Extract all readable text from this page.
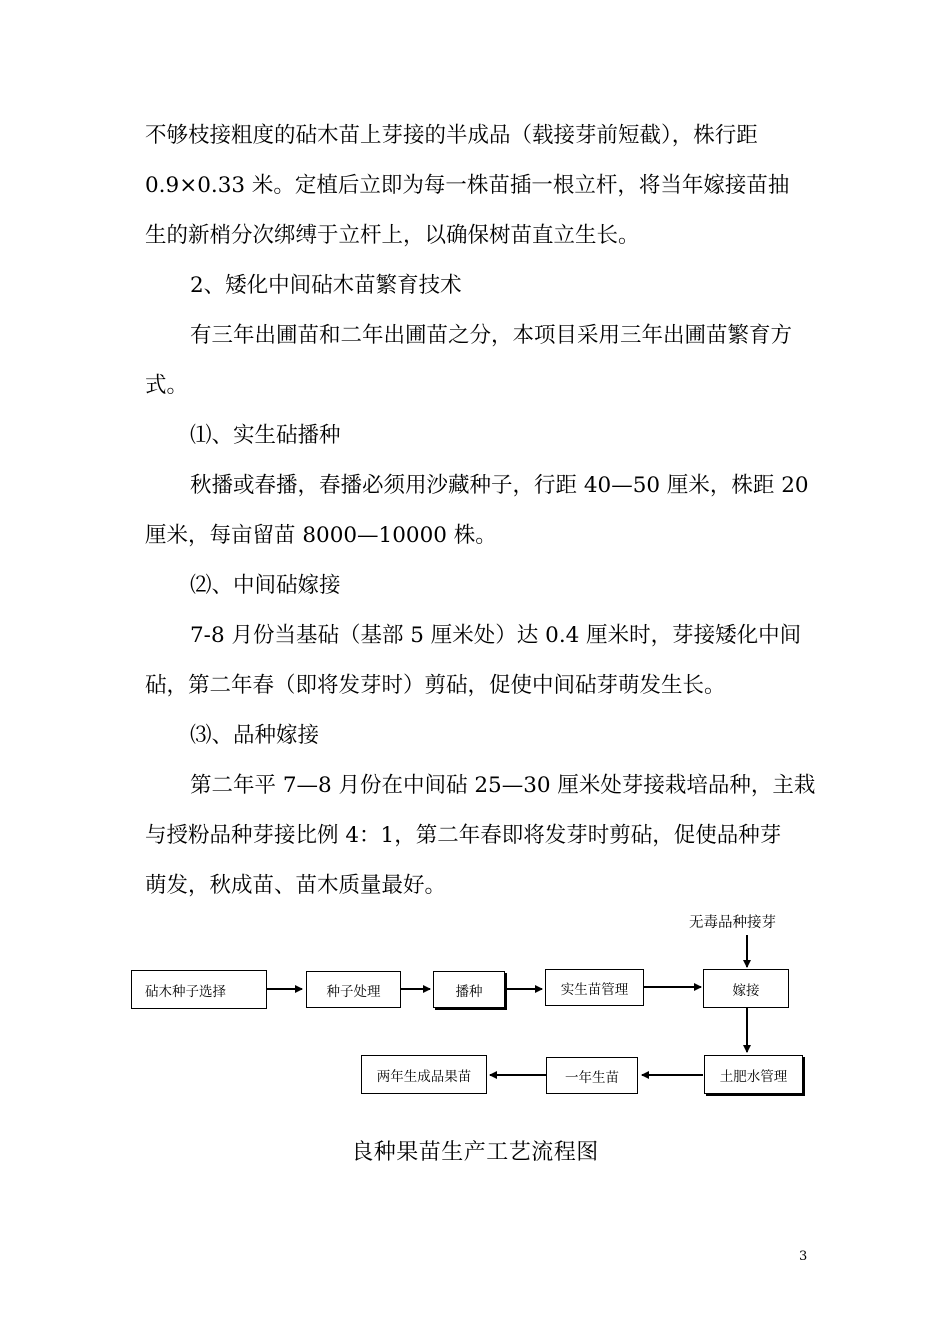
不够枝接粗度的砧木苗上芽接的半成品（载接芽前短截），株行距
0.9×0.33 米。定植后立即为每一株苗插一根立杆，将当年嫁接苗抽
生的新梢分次绑缚于立杆上，以确保树苗直立生长。
2、矮化中间砧木苗繁育技术
有三年出圃苗和二年出圃苗之分，本项目采用三年出圃苗繁育方
式。
⑴、实生砧播种
秋播或春播，春播必须用沙藏种子，行距 40—50 厘米，株距 20
厘米，每亩留苗 8000—10000 株。
⑵、中间砧嫁接
7-8 月份当基砧（基部 5 厘米处）达 0.4 厘米时，芽接矮化中间
砧，第二年春（即将发芽时）剪砧，促使中间砧芽萌发生长。
⑶、品种嫁接
第二年平 7—8 月份在中间砧 25—30 厘米处芽接栽培品种，主栽
与授粉品种芽接比例 4：1，第二年春即将发芽时剪砧，促使品种芽
萌发，秋成苗、苗木质量最好。
无毒品种接芽
砧木种子选择	种子处理	播种	实生苗管理	嫁接
土肥水管理
一年生苗
两年生成品果苗
良种果苗生产工艺流程图
3
